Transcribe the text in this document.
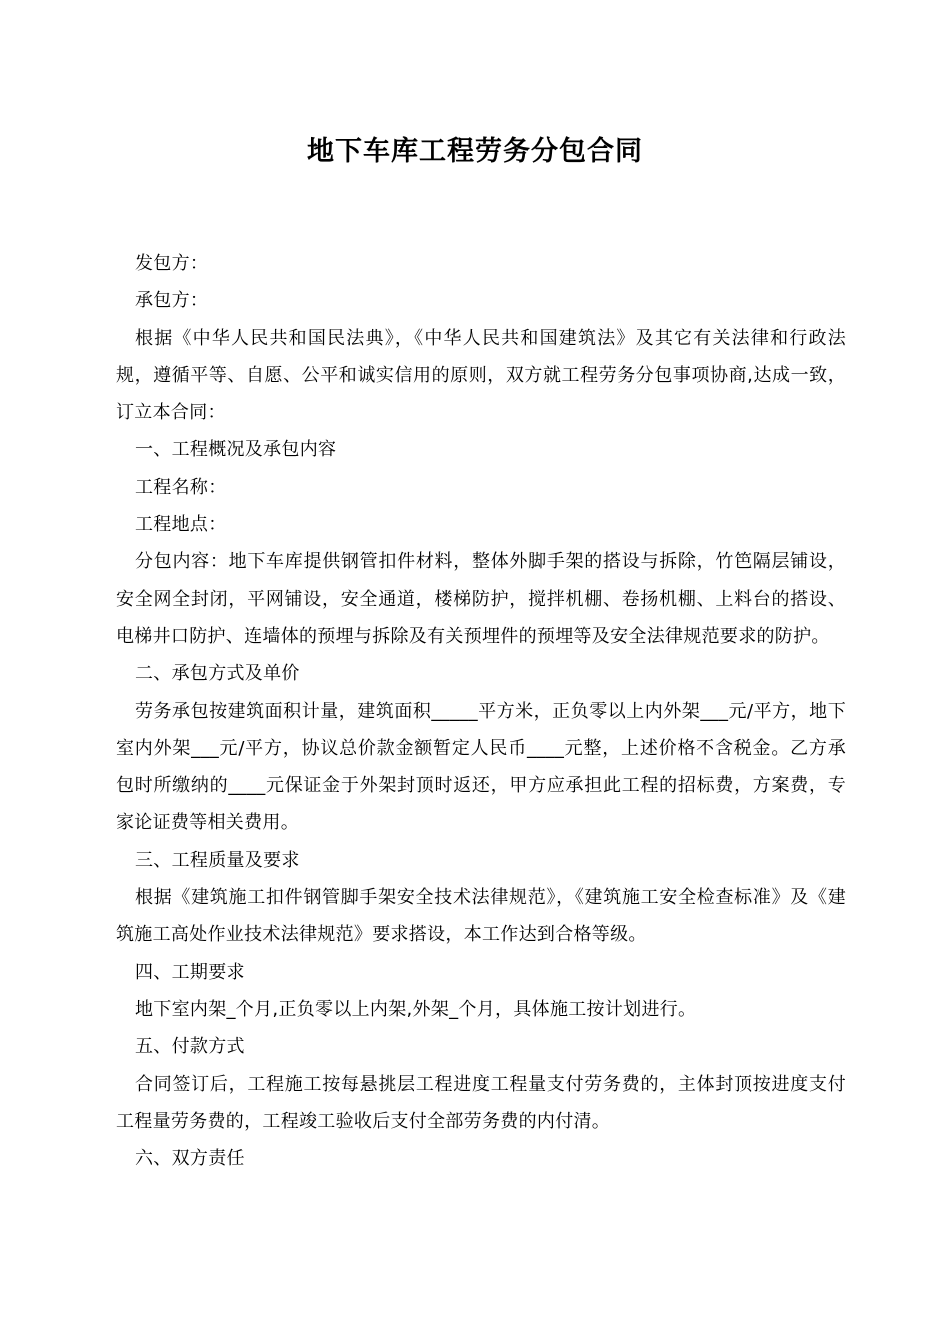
地下车库工程劳务分包合同

发包方：

承包方：

根据《中华人民共和国民法典》，《中华人民共和国建筑法》及其它有关法律和行政法规，遵循平等、自愿、公平和诚实信用的原则，双方就工程劳务分包事项协商,达成一致，订立本合同：

一、工程概况及承包内容

工程名称：

工程地点：

分包内容：地下车库提供钢管扣件材料，整体外脚手架的搭设与拆除，竹笆隔层铺设，安全网全封闭，平网铺设，安全通道，楼梯防护，搅拌机棚、卷扬机棚、上料台的搭设、电梯井口防护、连墙体的预埋与拆除及有关预埋件的预埋等及安全法律规范要求的防护。

二、承包方式及单价

劳务承包按建筑面积计量，建筑面积_____平方米，正负零以上内外架___元/平方，地下室内外架___元/平方，协议总价款金额暂定人民币____元整，上述价格不含税金。乙方承包时所缴纳的____元保证金于外架封顶时返还，甲方应承担此工程的招标费，方案费，专家论证费等相关费用。

三、工程质量及要求

根据《建筑施工扣件钢管脚手架安全技术法律规范》，《建筑施工安全检查标准》及《建筑施工高处作业技术法律规范》要求搭设，本工作达到合格等级。

四、工期要求

地下室内架_个月,正负零以上内架,外架_个月，具体施工按计划进行。

五、付款方式

合同签订后，工程施工按每悬挑层工程进度工程量支付劳务费的，主体封顶按进度支付工程量劳务费的，工程竣工验收后支付全部劳务费的内付清。

六、双方责任
